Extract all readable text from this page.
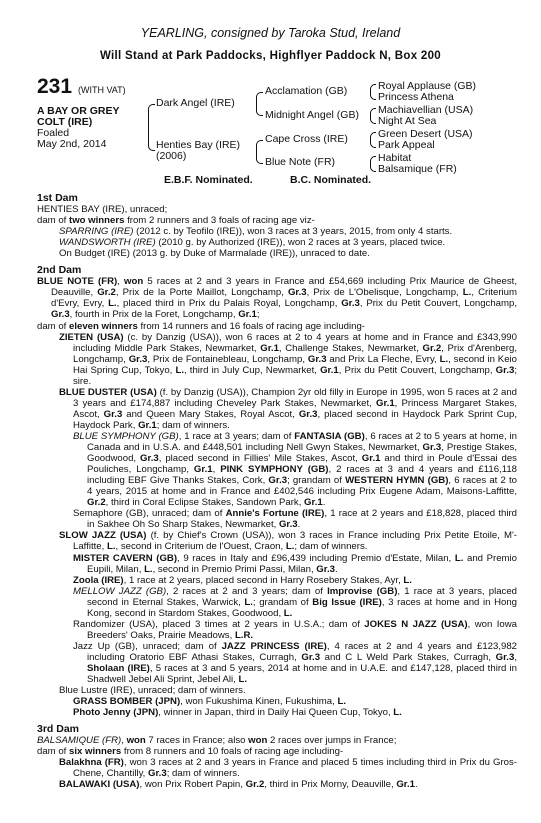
YEARLING, consigned by Taroka Stud, Ireland
Will Stand at Park Paddocks, Highflyer Paddock N, Box 200
231 (WITH VAT)
A BAY OR GREY
COLT (IRE)
Foaled
May 2nd, 2014
Dark Angel (IRE)
Henties Bay (IRE)
(2006)
Acclamation (GB)
Midnight Angel (GB)
Cape Cross (IRE)
Blue Note (FR)
Royal Applause (GB)
Princess Athena
Machiavellian (USA)
Night At Sea
Green Desert (USA)
Park Appeal
Habitat
Balsamique (FR)
E.B.F. Nominated.	B.C. Nominated.

1st Dam

HENTIES BAY (IRE), unraced;

dam of two winners from 2 runners and 3 foals of racing age viz-

SPARRING (IRE) (2012 c. by Teofilo (IRE)), won 3 races at 3 years, 2015, from only 4 starts.

WANDSWORTH (IRE) (2010 g. by Authorized (IRE)), won 2 races at 3 years, placed twice.

On Budget (IRE) (2013 g. by Duke of Marmalade (IRE)), unraced to date.

2nd Dam

BLUE NOTE (FR), won 5 races at 2 and 3 years in France and £54,669 including Prix Maurice de Gheest, Deauville, Gr.2, Prix de la Porte Maillot, Longchamp, Gr.3, Prix de L'Obelisque, Longchamp, L., Criterium d'Evry, Evry, L., placed third in Prix du Palais Royal, Longchamp, Gr.3, Prix du Petit Couvert, Longchamp, Gr.3, fourth in Prix de la Foret, Longchamp, Gr.1;

dam of eleven winners from 14 runners and 16 foals of racing age including-

ZIETEN (USA) (c. by Danzig (USA)), won 6 races at 2 to 4 years at home and in France and £343,990 including Middle Park Stakes, Newmarket, Gr.1, Challenge Stakes, Newmarket, Gr.2, Prix d'Arenberg, Longchamp, Gr.3, Prix de Fontainebleau, Longchamp, Gr.3 and Prix La Fleche, Evry, L., second in Keio Hai Spring Cup, Tokyo, L., third in July Cup, Newmarket, Gr.1, Prix du Petit Couvert, Longchamp, Gr.3; sire.

BLUE DUSTER (USA) (f. by Danzig (USA)), Champion 2yr old filly in Europe in 1995, won 5 races at 2 and 3 years and £174,887 including Cheveley Park Stakes, Newmarket, Gr.1, Princess Margaret Stakes, Ascot, Gr.3 and Queen Mary Stakes, Royal Ascot, Gr.3, placed second in Haydock Park Sprint Cup, Haydock Park, Gr.1; dam of winners.

BLUE SYMPHONY (GB), 1 race at 3 years; dam of FANTASIA (GB), 6 races at 2 to 5 years at home, in Canada and in U.S.A. and £448,501 including Nell Gwyn Stakes, Newmarket, Gr.3, Prestige Stakes, Goodwood, Gr.3, placed second in Fillies' Mile Stakes, Ascot, Gr.1 and third in Poule d'Essai des Pouliches, Longchamp, Gr.1, PINK SYMPHONY (GB), 2 races at 3 and 4 years and £116,118 including EBF Give Thanks Stakes, Cork, Gr.3; grandam of WESTERN HYMN (GB), 6 races at 2 to 4 years, 2015 at home and in France and £402,546 including Prix Eugene Adam, Maisons-Laffitte, Gr.2, third in Coral Eclipse Stakes, Sandown Park, Gr.1.

Semaphore (GB), unraced; dam of Annie's Fortune (IRE), 1 race at 2 years and £18,828, placed third in Sakhee Oh So Sharp Stakes, Newmarket, Gr.3.

SLOW JAZZ (USA) (f. by Chief's Crown (USA)), won 3 races in France including Prix Petite Etoile, M'-Laffitte, L., second in Criterium de l'Ouest, Craon, L.; dam of winners.

MISTER CAVERN (GB), 9 races in Italy and £96,439 including Premio d'Estate, Milan, L. and Premio Eupili, Milan, L., second in Premio Primi Passi, Milan, Gr.3.

Zoola (IRE), 1 race at 2 years, placed second in Harry Rosebery Stakes, Ayr, L.

MELLOW JAZZ (GB), 2 races at 2 and 3 years; dam of Improvise (GB), 1 race at 3 years, placed second in Eternal Stakes, Warwick, L.; grandam of Big Issue (IRE), 3 races at home and in Hong Kong, second in Stardom Stakes, Goodwood, L.

Randomizer (USA), placed 3 times at 2 years in U.S.A.; dam of JOKES N JAZZ (USA), won Iowa Breeders' Oaks, Prairie Meadows, L.R.

Jazz Up (GB), unraced; dam of JAZZ PRINCESS (IRE), 4 races at 2 and 4 years and £123,982 including Oratorio EBF Athasi Stakes, Curragh, Gr.3 and C L Weld Park Stakes, Curragh, Gr.3, Sholaan (IRE), 5 races at 3 and 5 years, 2014 at home and in U.A.E. and £147,128, placed third in Shadwell Jebel Ali Sprint, Jebel Ali, L.

Blue Lustre (IRE), unraced; dam of winners.

GRASS BOMBER (JPN), won Fukushima Kinen, Fukushima, L.

Photo Jenny (JPN), winner in Japan, third in Daily Hai Queen Cup, Tokyo, L.

3rd Dam

BALSAMIQUE (FR), won 7 races in France; also won 2 races over jumps in France;

dam of six winners from 8 runners and 10 foals of racing age including-

Balakhna (FR), won 3 races at 2 and 3 years in France and placed 5 times including third in Prix du Gros-Chene, Chantilly, Gr.3; dam of winners.

BALAWAKI (USA), won Prix Robert Papin, Gr.2, third in Prix Morny, Deauville, Gr.1.
